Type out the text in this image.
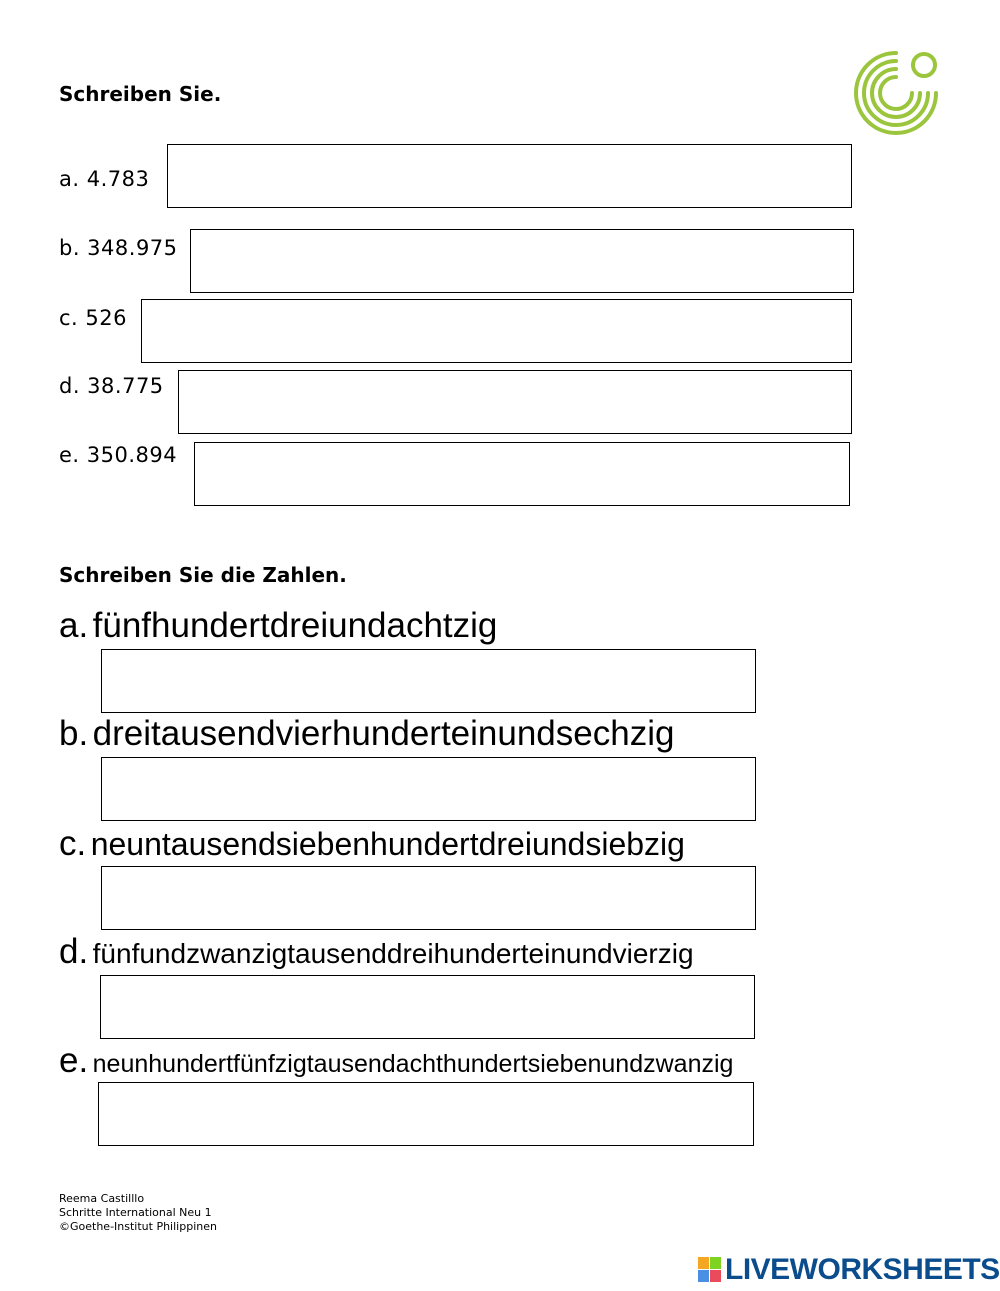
Schreiben Sie.
a. 4.783
b. 348.975
c. 526
d. 38.775
e. 350.894
Schreiben Sie die Zahlen.
a. fünfhundertdreiundachtzig
b. dreitausendvierhunderteinundsechzig
c. neuntausendsiebenhundertdreiundsiebzig
d. fünfundzwanzigtausenddreihunderteinundvierzig
e. neunhundertfünfzigtausendachthundertsiebenundzwanzig
Reema Castilllo
Schritte International Neu 1
©Goethe-Institut Philippinen
LIVEWORKSHEETS
